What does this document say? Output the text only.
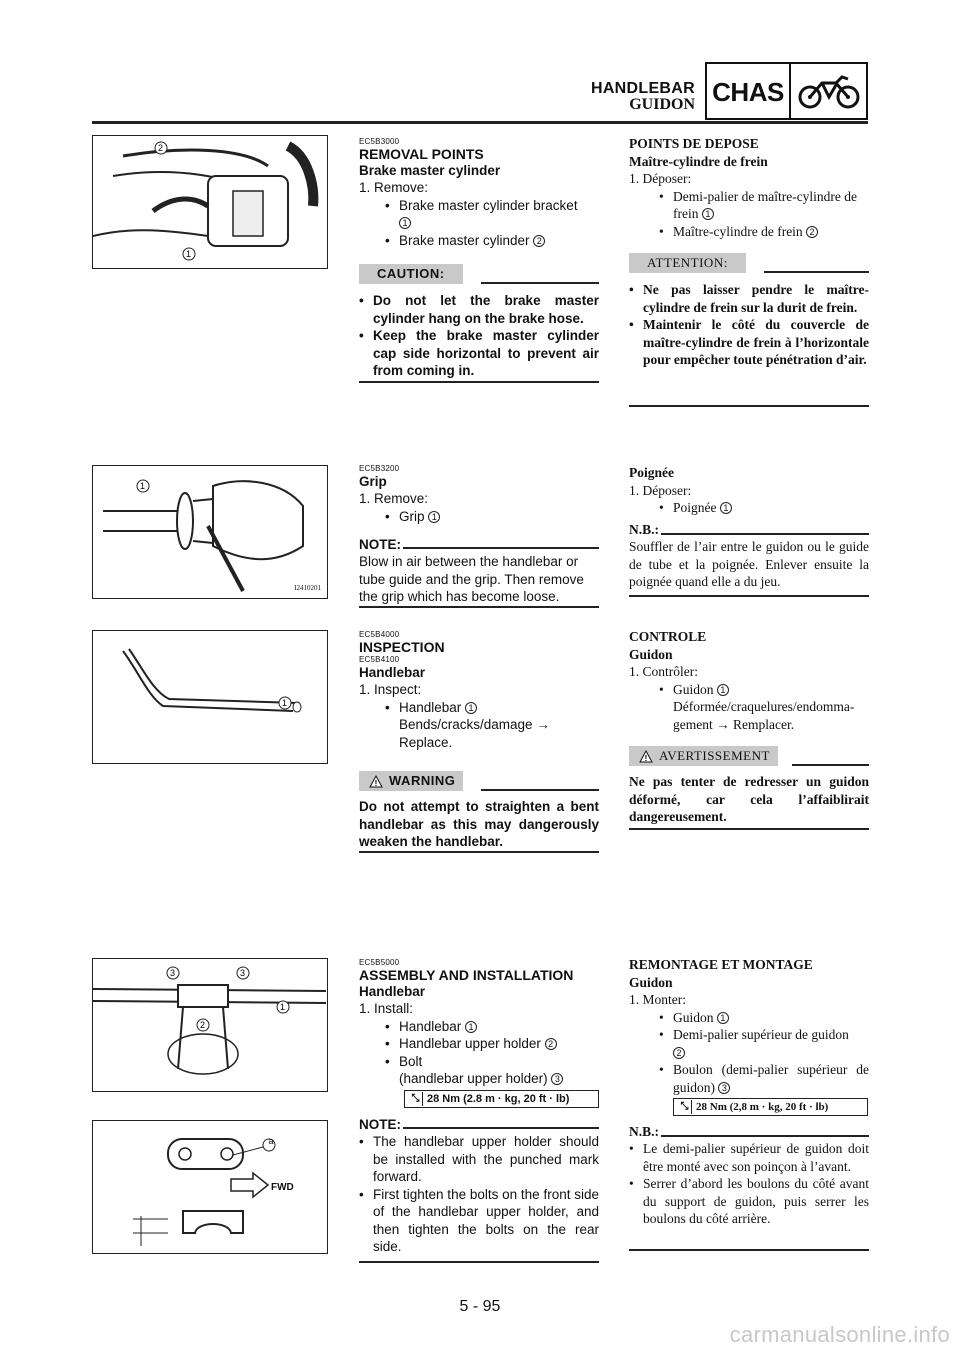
HANDLEBAR
GUIDON CHAS
2
1
1
I2410201
1
3	3
2
1
FWD
a
EC5B3000
REMOVAL POINTS
Brake master cylinder
1. Remove:
• Brake master cylinder bracket
1
• Brake master cylinder 2
CAUTION:
• Do not let the brake master cylinder hang on the brake hose.
• Keep the brake master cylinder cap side horizontal to prevent air from coming in.
EC5B3200
Grip
1. Remove:
• Grip 1
NOTE:
Blow in air between the handlebar or tube guide and the grip. Then remove the grip which has become loose.
EC5B4000
INSPECTION
EC5B4100
Handlebar
1. Inspect:
• Handlebar 1
Bends/cracks/damage →
Replace.
! WARNING
Do not attempt to straighten a bent handlebar as this may dangerously weaken the handlebar.
EC5B5000
ASSEMBLY AND INSTALLATION
Handlebar
1. Install:
• Handlebar 1
• Handlebar upper holder 2
• Bolt
(handlebar upper holder) 3
⤡ 28 Nm (2.8 m · kg, 20 ft · lb)
NOTE:
• The handlebar upper holder should be installed with the punched mark forward.
• First tighten the bolts on the front side of the handlebar upper holder, and then tighten the bolts on the rear side.
POINTS DE DEPOSE
Maître-cylindre de frein
1. Déposer:
• Demi-palier de maître-cylindre de frein 1
• Maître-cylindre de frein 2
ATTENTION:
• Ne pas laisser pendre le maître-cylindre de frein sur la durit de frein.
• Maintenir le côté du couvercle de maître-cylindre de frein à l’horizontale pour empêcher toute pénétration d’air.
Poignée
1. Déposer:
• Poignée 1
N.B.:
Souffler de l’air entre le guidon ou le guide de tube et la poignée. Enlever ensuite la poignée quand elle a du jeu.
CONTROLE
Guidon
1. Contrôler:
• Guidon 1
Déformée/craquelures/endomma-
gement → Remplacer.
! AVERTISSEMENT
Ne pas tenter de redresser un guidon déformé, car cela l’affaiblirait dangereusement.
REMONTAGE ET MONTAGE
Guidon
1. Monter:
• Guidon 1
• Demi-palier supérieur de guidon
2
• Boulon (demi-palier supérieur de guidon) 3
⤡ 28 Nm (2,8 m · kg, 20 ft · lb)
N.B.:
• Le demi-palier supérieur de guidon doit être monté avec son poinçon à l’avant.
• Serrer d’abord les boulons du côté avant du support de guidon, puis serrer les boulons du côté arrière.
5 - 95
carmanualsonline.info
